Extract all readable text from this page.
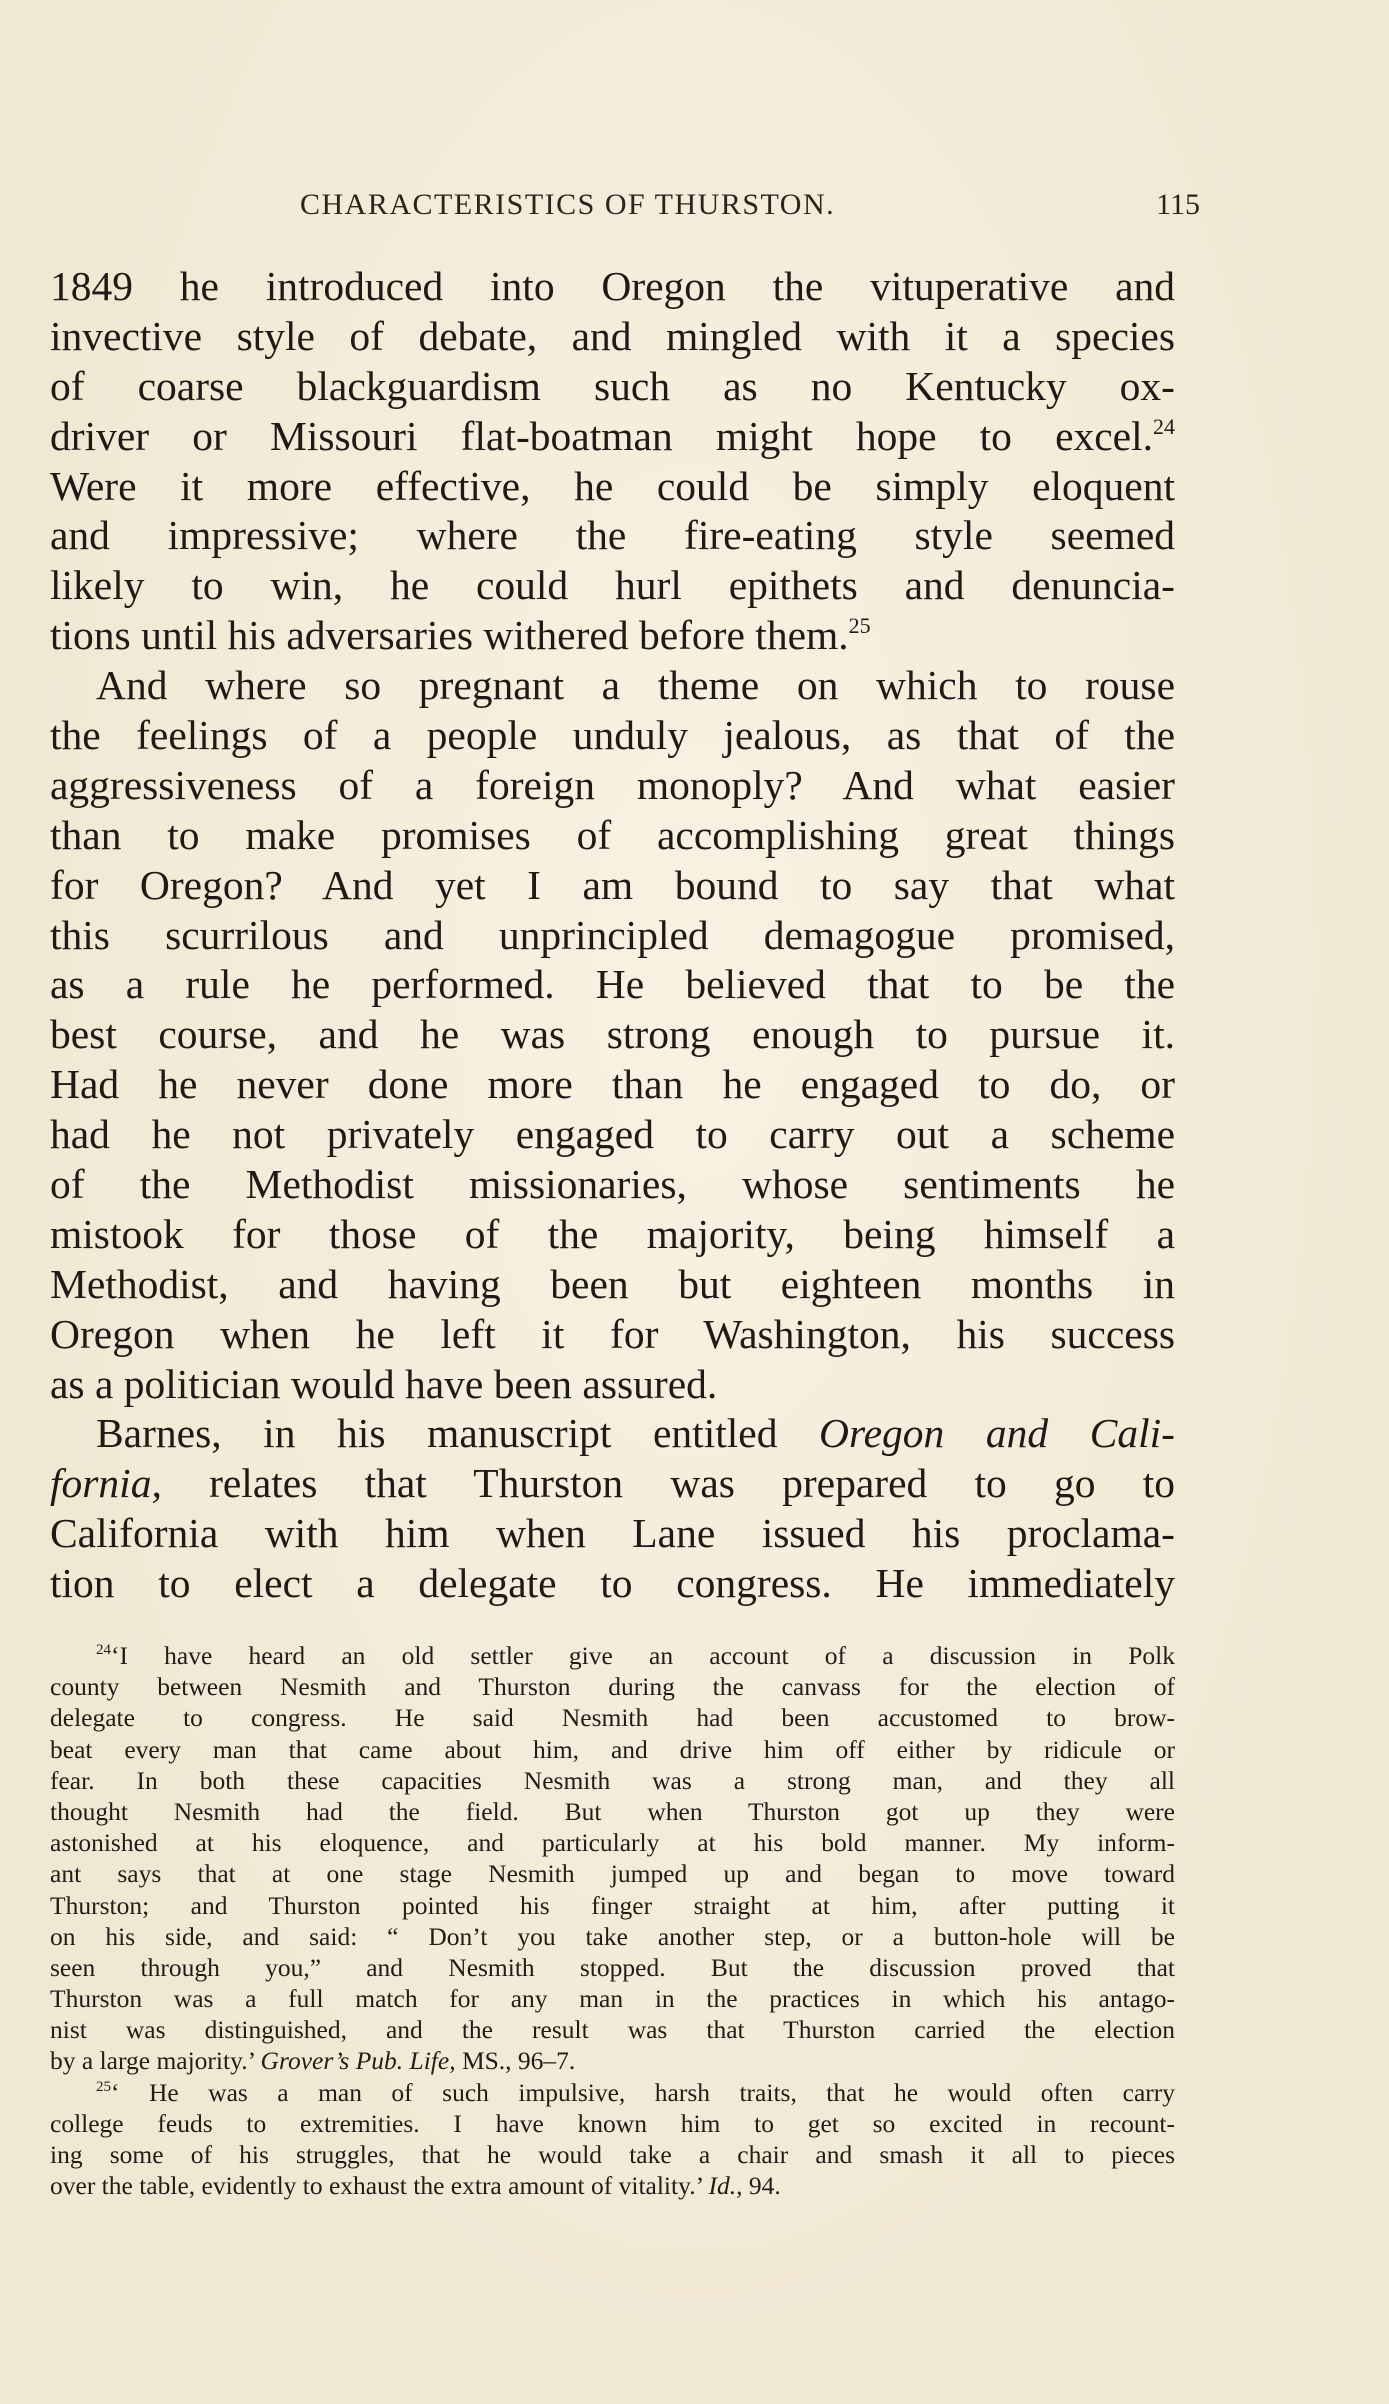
CHARACTERISTICS OF THURSTON.	115
1849 he introduced into Oregon the vituperative and
invective style of debate, and mingled with it a species
of coarse blackguardism such as no Kentucky ox-
driver or Missouri flat-boatman might hope to excel.$^{24}$
Were it more effective, he could be simply eloquent
and impressive; where the fire-eating style seemed
likely to win, he could hurl epithets and denuncia-
tions until his adversaries withered before them.$^{25}$
And where so pregnant a theme on which to rouse
the feelings of a people unduly jealous, as that of the
aggressiveness of a foreign monoply? And what easier
than to make promises of accomplishing great things
for Oregon? And yet I am bound to say that what
this scurrilous and unprincipled demagogue promised,
as a rule he performed. He believed that to be the
best course, and he was strong enough to pursue it.
Had he never done more than he engaged to do, or
had he not privately engaged to carry out a scheme
of the Methodist missionaries, whose sentiments he
mistook for those of the majority, being himself a
Methodist, and having been but eighteen months in
Oregon when he left it for Washington, his success
as a politician would have been assured.
Barnes, in his manuscript entitled Oregon and Cali-
fornia, relates that Thurston was prepared to go to
California with him when Lane issued his proclama-
tion to elect a delegate to congress. He immediately
$^{24}$‘I have heard an old settler give an account of a discussion in Polk
county between Nesmith and Thurston during the canvass for the election of
delegate to congress. He said Nesmith had been accustomed to brow-
beat every man that came about him, and drive him off either by ridicule or
fear. In both these capacities Nesmith was a strong man, and they all
thought Nesmith had the field. But when Thurston got up they were
astonished at his eloquence, and particularly at his bold manner. My inform-
ant says that at one stage Nesmith jumped up and began to move toward
Thurston; and Thurston pointed his finger straight at him, after putting it
on his side, and said: “ Don’t you take another step, or a button-hole will be
seen through you,” and Nesmith stopped. But the discussion proved that
Thurston was a full match for any man in the practices in which his antago-
nist was distinguished, and the result was that Thurston carried the election
by a large majority.’ Grover’s Pub. Life, MS., 96–7.
$^{25}$‘ He was a man of such impulsive, harsh traits, that he would often carry
college feuds to extremities. I have known him to get so excited in recount-
ing some of his struggles, that he would take a chair and smash it all to pieces
over the table, evidently to exhaust the extra amount of vitality.’ Id., 94.
